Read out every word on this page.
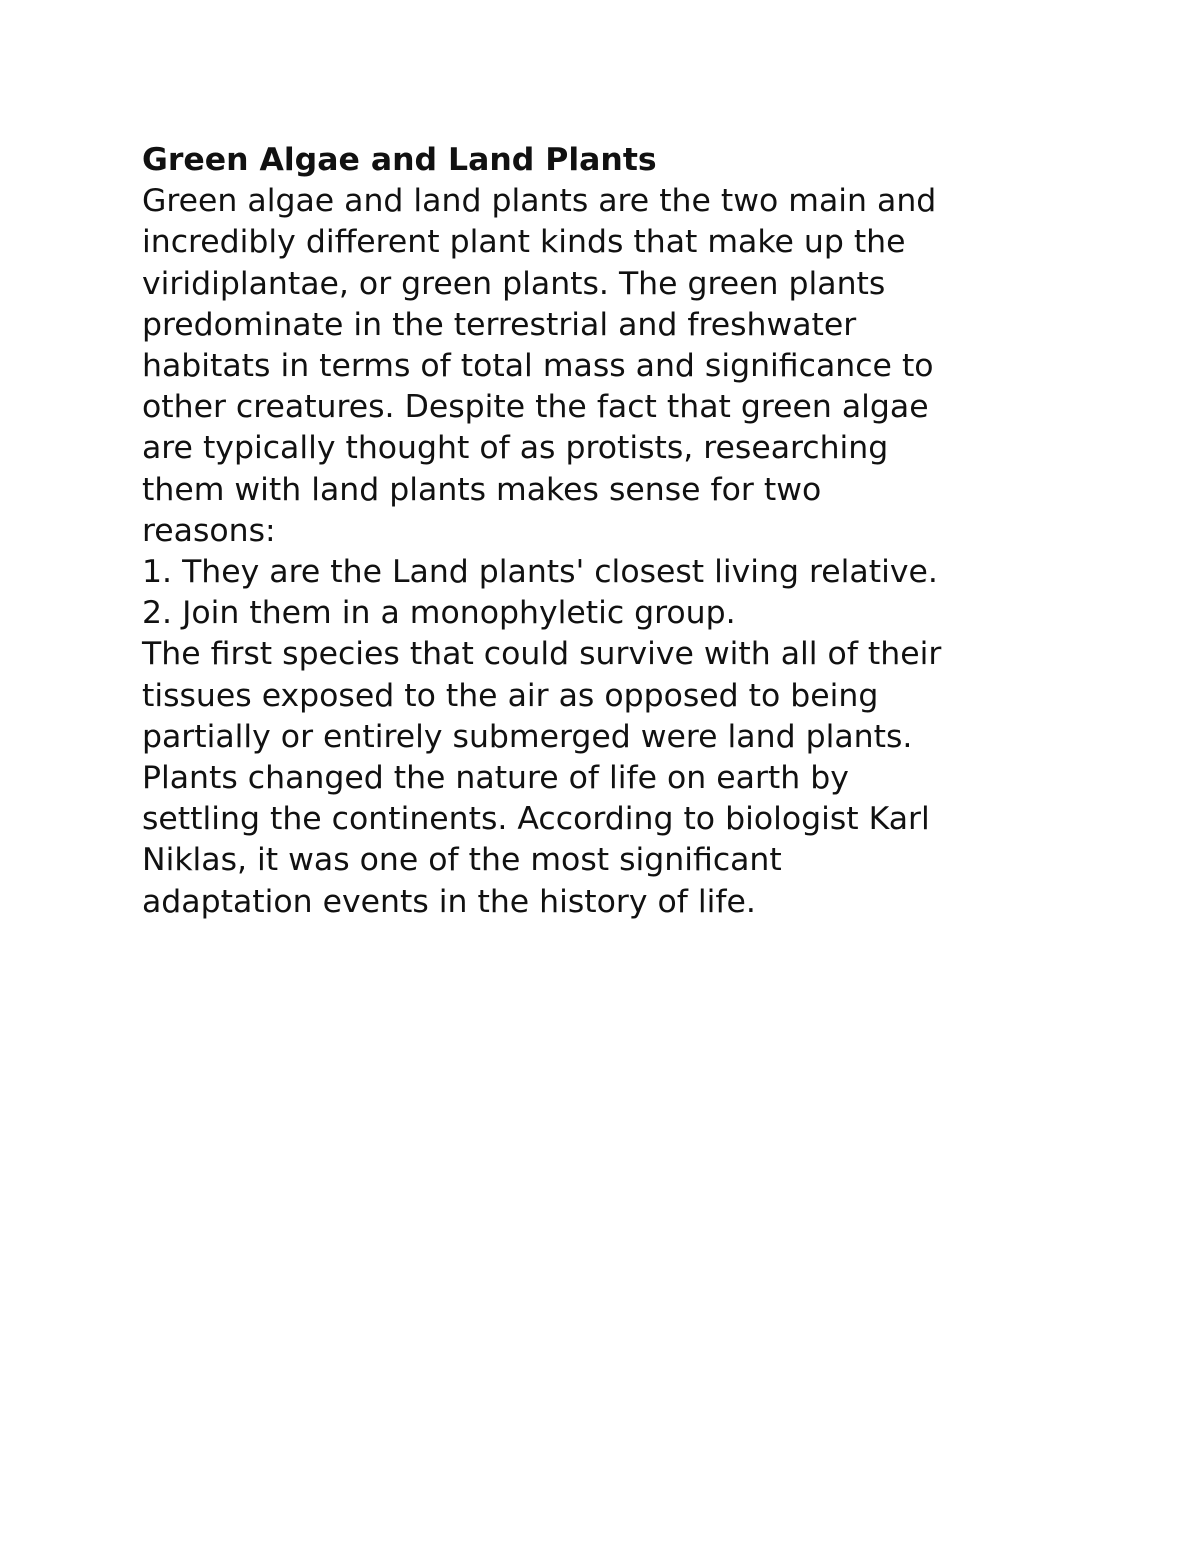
Green Algae and Land Plants
Green algae and land plants are the two main and
incredibly different plant kinds that make up the
viridiplantae, or green plants. The green plants
predominate in the terrestrial and freshwater
habitats in terms of total mass and significance to
other creatures. Despite the fact that green algae
are typically thought of as protists, researching
them with land plants makes sense for two
reasons:
1. They are the Land plants' closest living relative.
2. Join them in a monophyletic group.
The first species that could survive with all of their
tissues exposed to the air as opposed to being
partially or entirely submerged were land plants.
Plants changed the nature of life on earth by
settling the continents. According to biologist Karl
Niklas, it was one of the most significant
adaptation events in the history of life.
